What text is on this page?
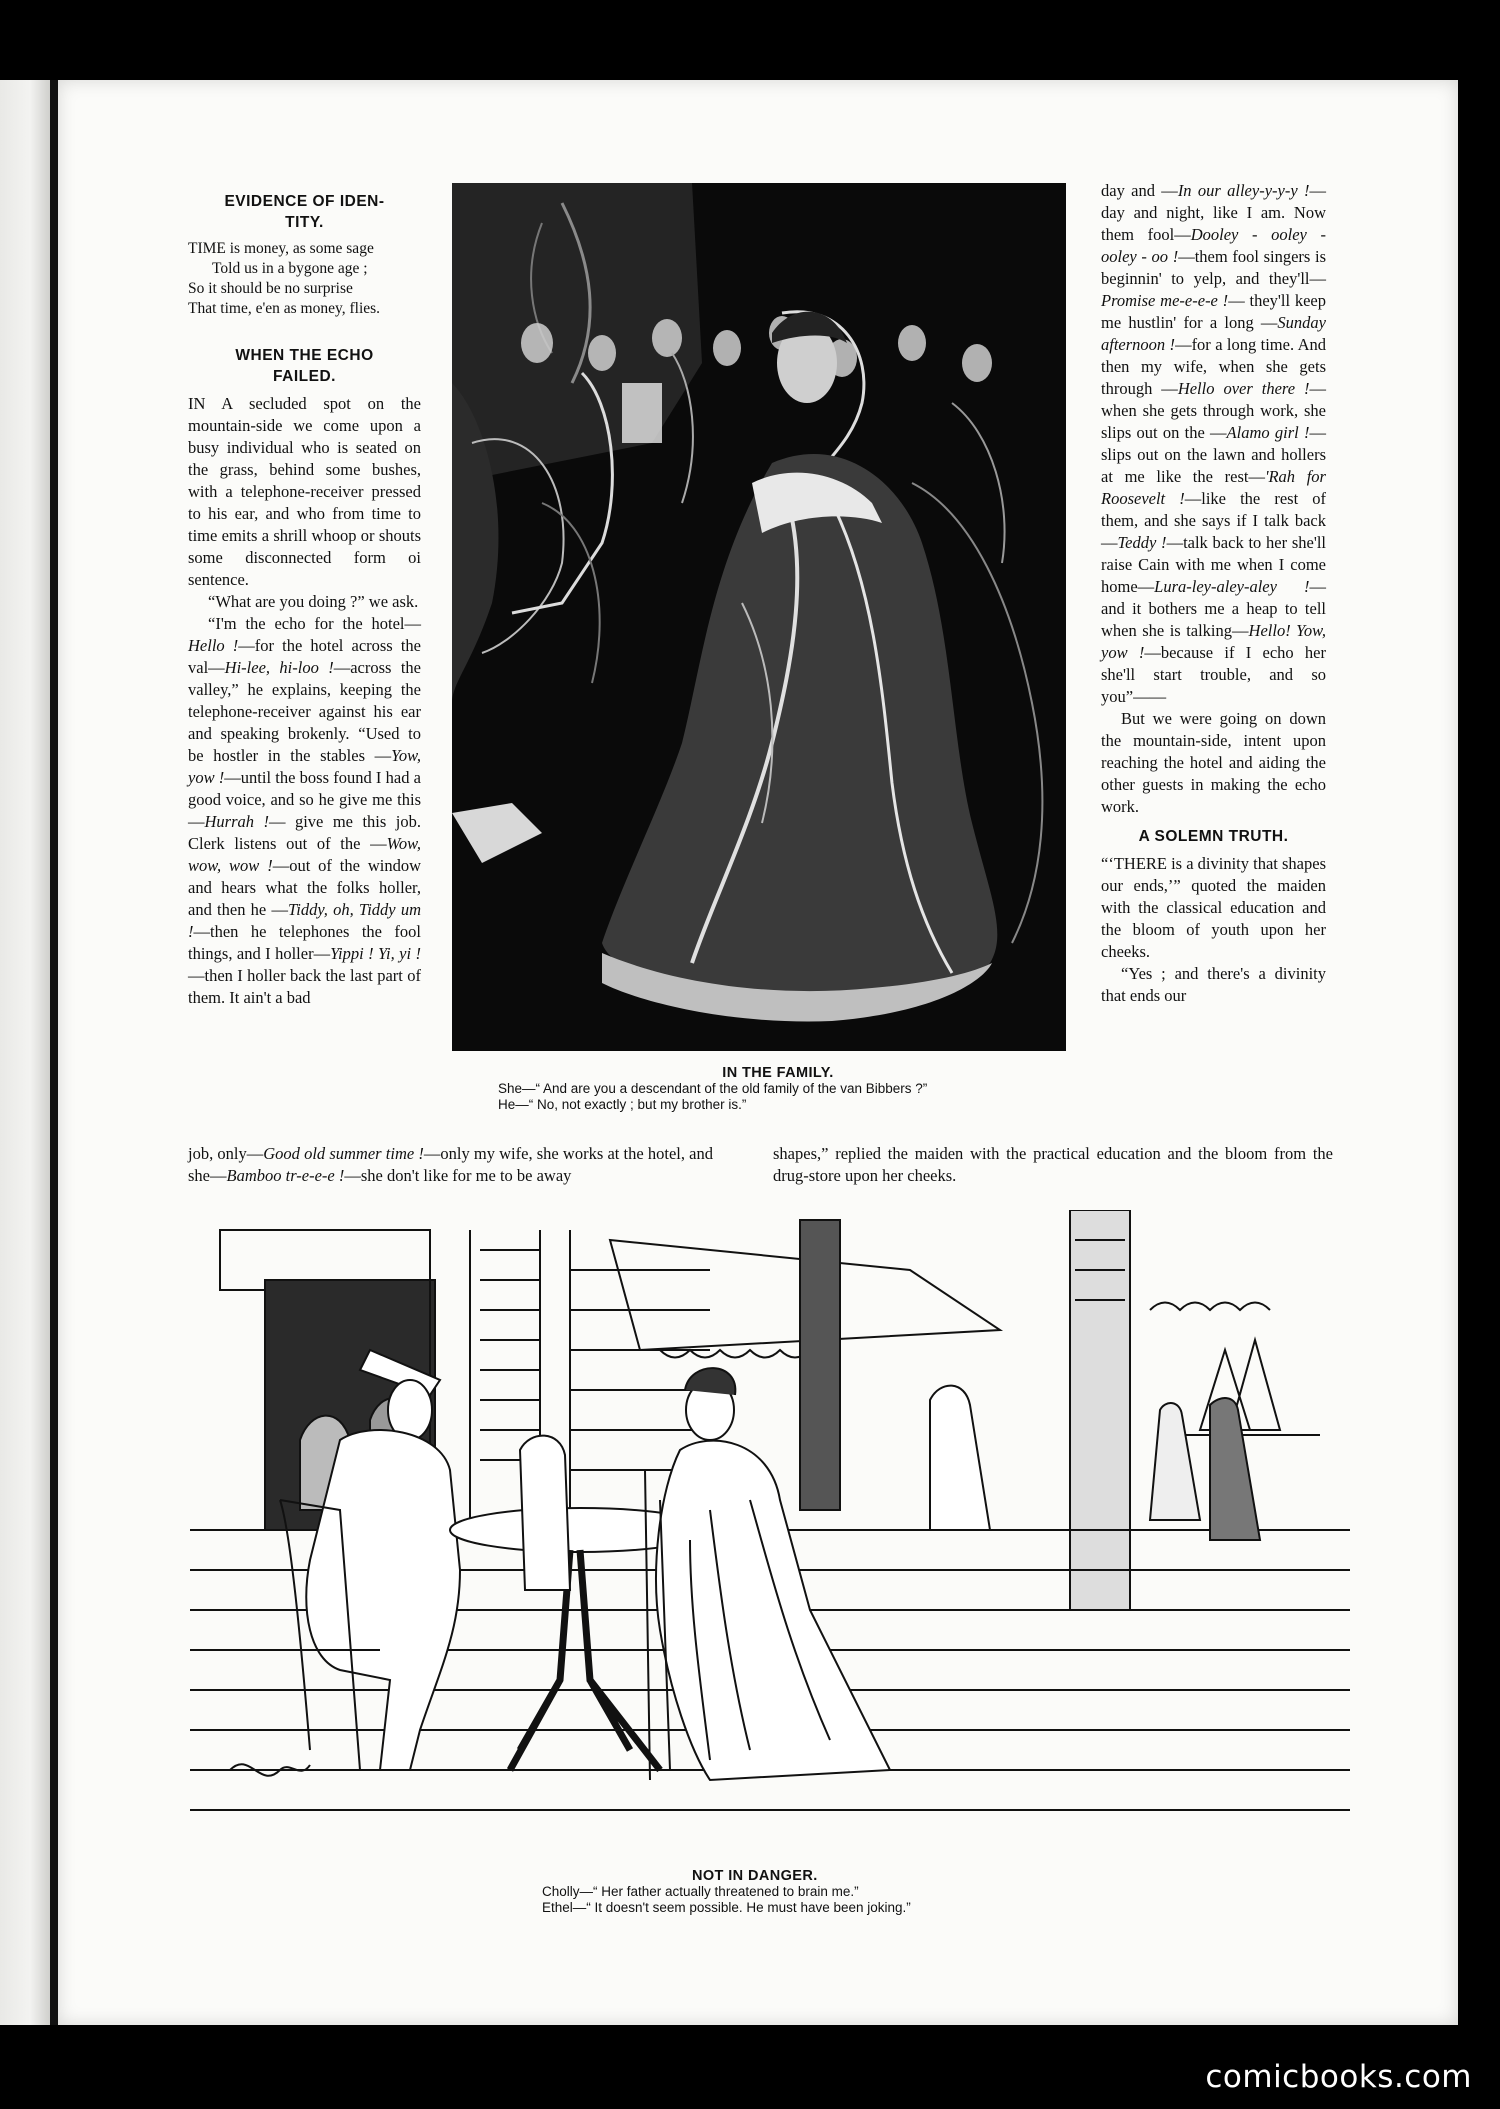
EVIDENCE OF IDEN-
TITY.

TIME is money, as some sage

Told us in a bygone age ;

So it should be no surprise

That time, e'en as money, flies.

WHEN THE ECHO
FAILED.

IN A secluded spot on the mountain-side we come upon a busy individual who is seated on the grass, behind some bushes, with a telephone-receiver pressed to his ear, and who from time to time emits a shrill whoop or shouts some disconnected form oi sentence.

“What are you doing ?” we ask.

“I'm the echo for the hotel—Hello !—for the hotel across the val—Hi-lee, hi-loo !—across the valley,” he explains, keeping the telephone-receiver against his ear and speaking brokenly. “Used to be hostler in the stables —Yow, yow !—until the boss found I had a good voice, and so he give me this —Hurrah !— give me this job. Clerk listens out of the —Wow, wow, wow !—out of the window and hears what the folks holler, and then he —Tiddy, oh, Tiddy um !—then he telephones the fool things, and I holler—Yippi ! Yi, yi !—then I holler back the last part of them. It ain't a bad

job, only—Good old summer time !—only my wife, she works at the hotel, and she—Bamboo tr-e-e-e !—she don't like for me to be away

IN THE FAMILY.
She—“ And are you a descendant of the old family of the van Bibbers ?”
He—“ No, not exactly ; but my brother is.”

day and —In our alley-y-y-y !—day and night, like I am. Now them fool—Dooley - ooley - ooley - oo !—them fool singers is beginnin' to yelp, and they'll—Promise me-e-e-e !— they'll keep me hustlin' for a long —Sunday afternoon !—for a long time. And then my wife, when she gets through —Hello over there !—when she gets through work, she slips out on the —Alamo girl !—slips out on the lawn and hollers at me like the rest—'Rah for Roosevelt !—like the rest of them, and she says if I talk back—Teddy !—talk back to her she'll raise Cain with me when I come home—Lura-ley-aley-aley !—and it bothers me a heap to tell when she is talking—Hello! Yow, yow !—because if I echo her she'll start trouble, and so you”——

But we were going on down the mountain-side, intent upon reaching the hotel and aiding the other guests in making the echo work.

A SOLEMN TRUTH.

“‘THERE is a divinity that shapes our ends,’” quoted the maiden with the classical education and the bloom of youth upon her cheeks.

“Yes ; and there's a divinity that ends our

shapes,” replied the maiden with the practical education and the bloom from the drug-store upon her cheeks.

NOT IN DANGER.
Cholly—“ Her father actually threatened to brain me.”
Ethel—“ It doesn't seem possible. He must have been joking.”
comicbooks.com
